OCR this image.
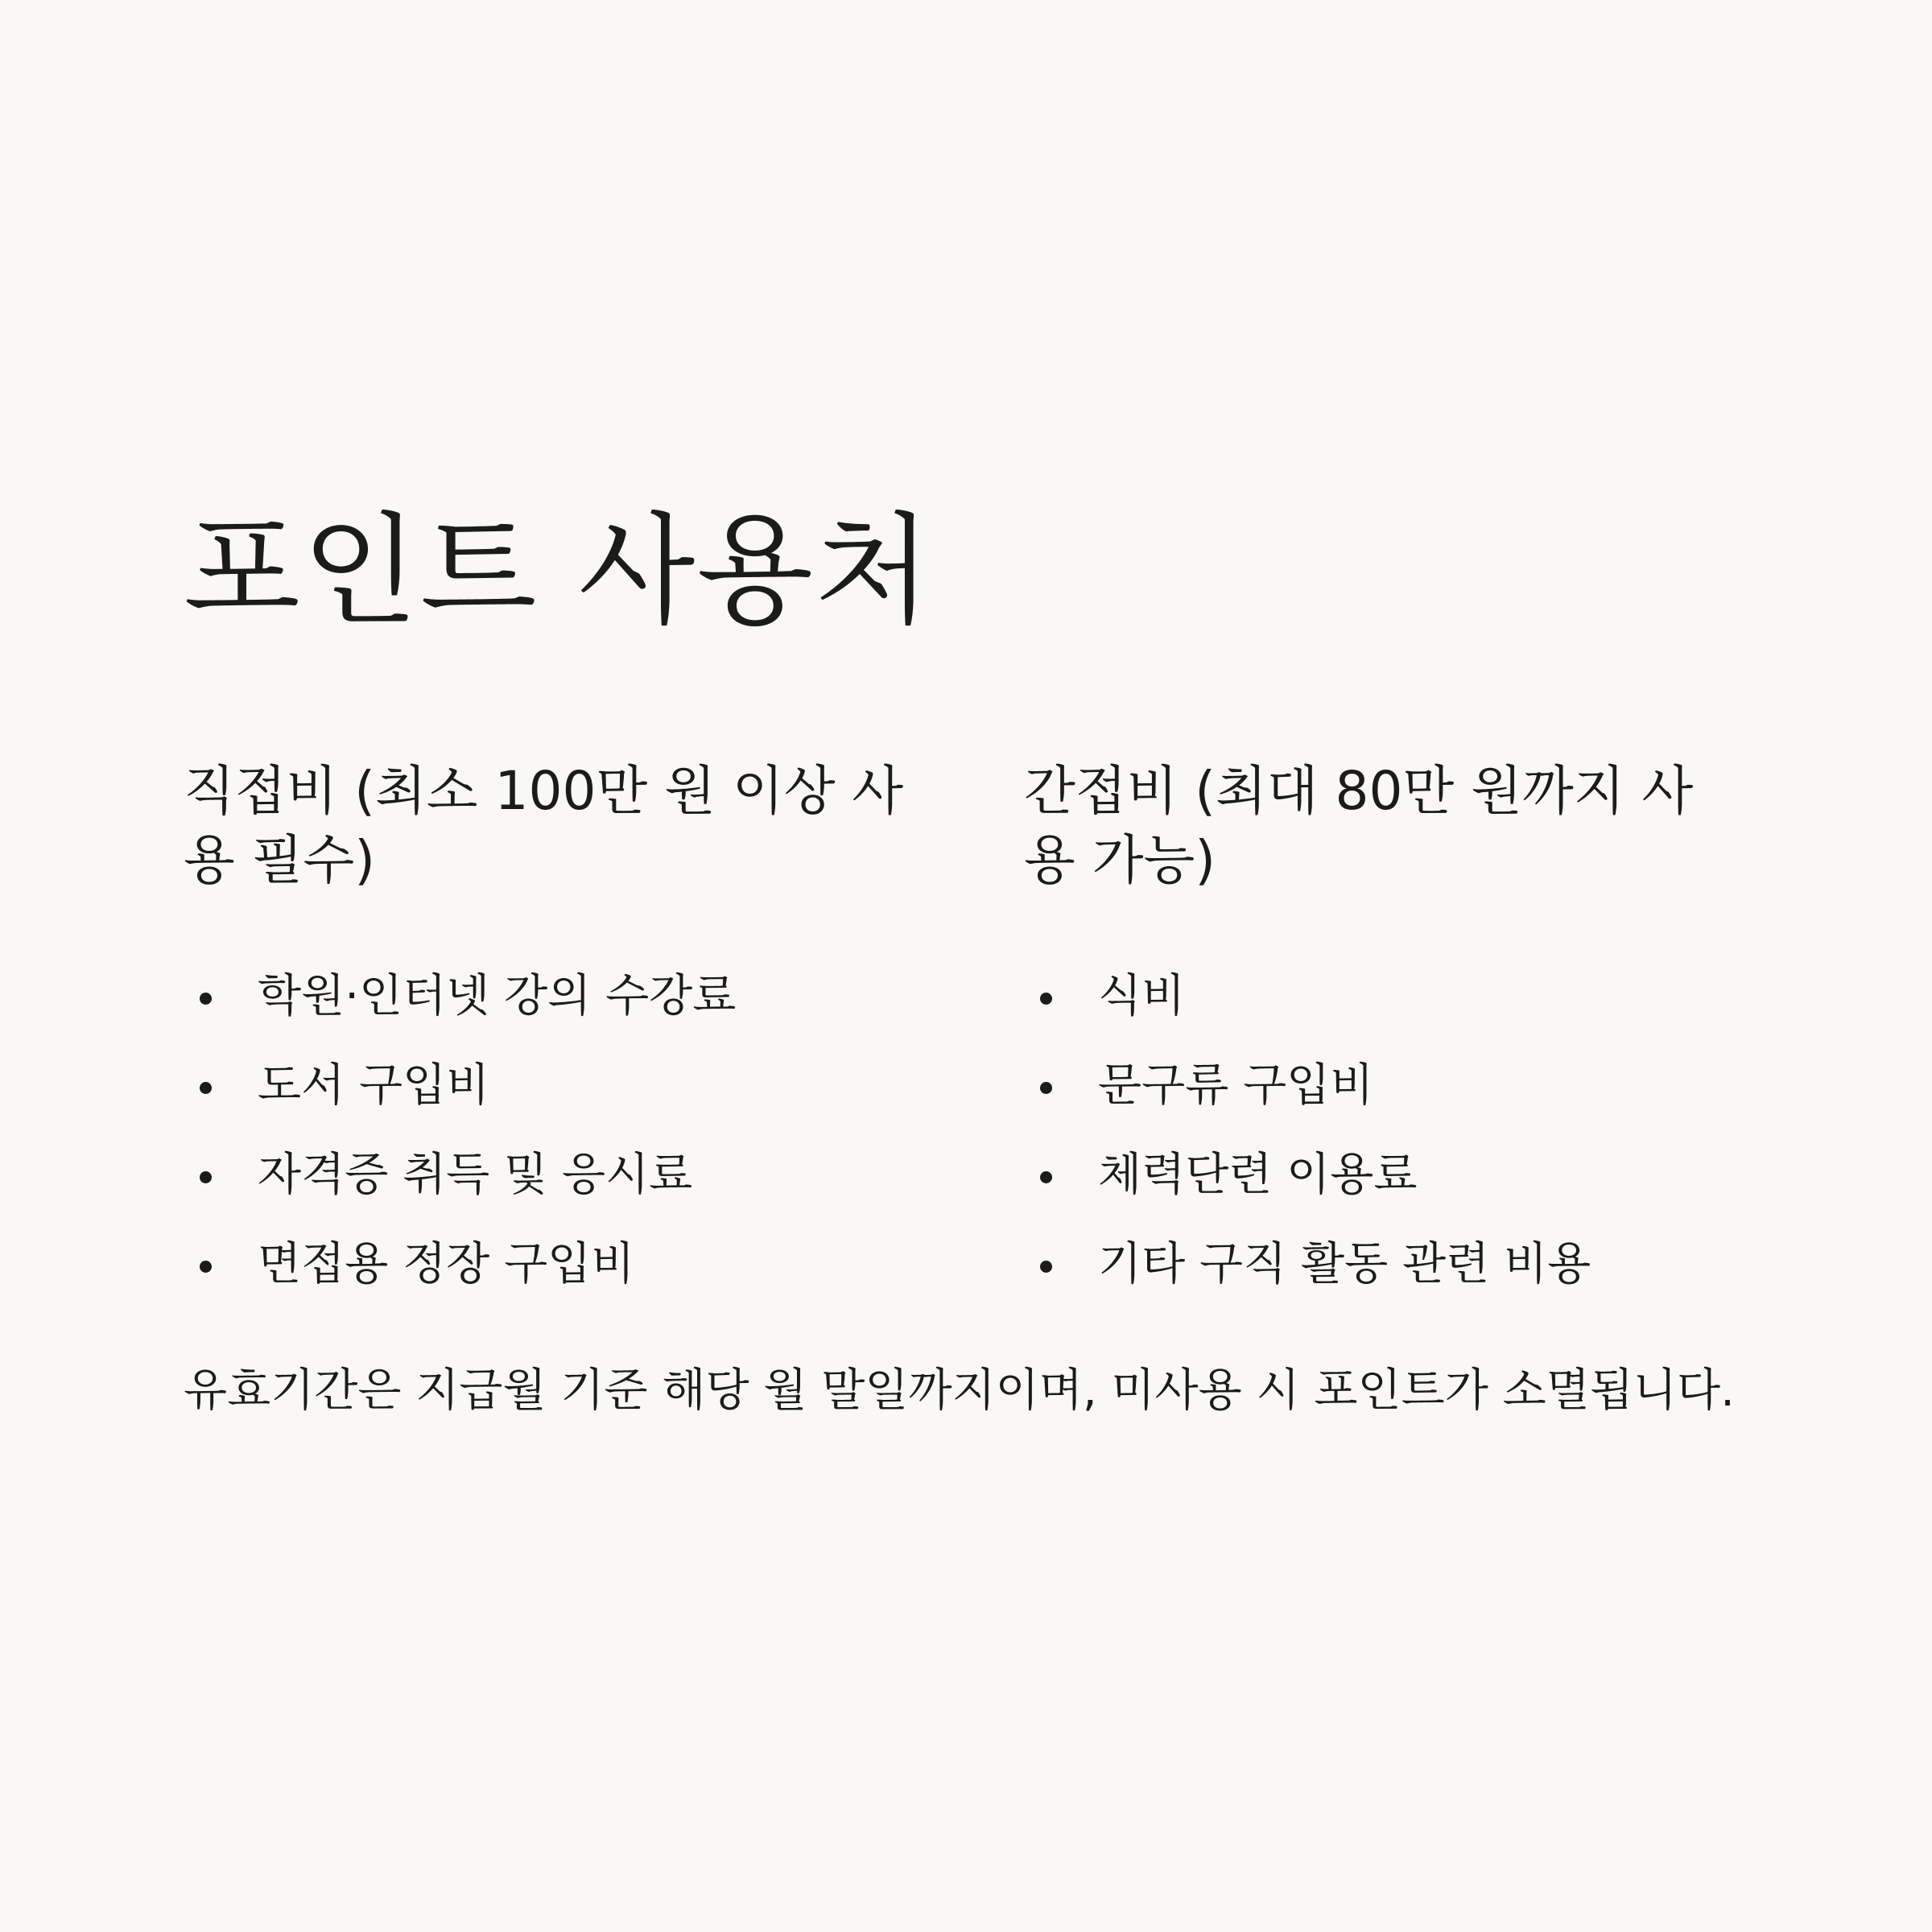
포인트 사용처
직접비 (최소 100만 원 이상 사
용 필수)
학원·인터넷 강의 수강료
도서 구입비
자격증 취득 및 응시료
면접용 정장 구입비
간접비 (최대 80만 원까지 사
용 가능)
식비
문구류 구입비
체력단련 이용료
기타 구직 활동 관련 비용

유효기간은 지급월 기준 해당 월 말일까지이며, 미사용 시 포인트가 소멸됩니다.
